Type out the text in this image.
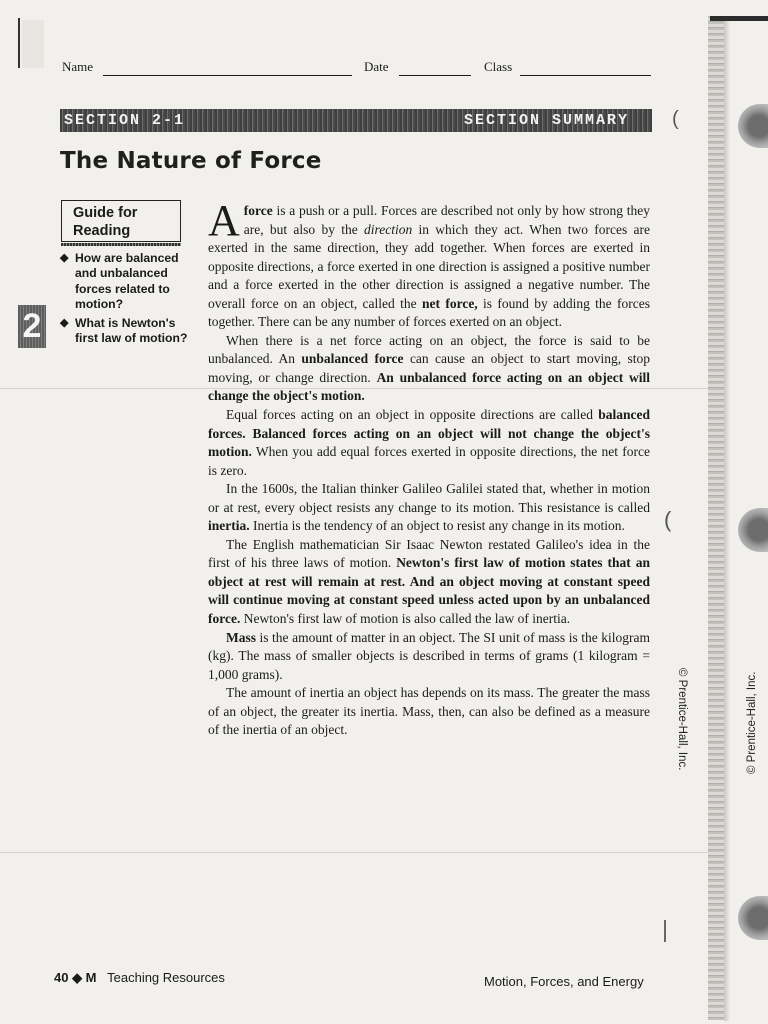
Name	Date	Class
SECTION 2-1	SECTION SUMMARY (
(
The Nature of Force
Guide for
Reading
◆ How are balanced and unbalanced forces related to motion?
◆ What is Newton's first law of motion?
2

A force is a push or a pull. Forces are described not only by how strong they are, but also by the direction in which they act. When two forces are exerted in the same direction, they add together. When forces are exerted in opposite directions, a force exerted in one direction is assigned a positive number and a force exerted in the other direction is assigned a negative number. The overall force on an object, called the net force, is found by adding the forces together. There can be any number of forces exerted on an object.

When there is a net force acting on an object, the force is said to be unbalanced. An unbalanced force can cause an object to start moving, stop moving, or change direction. An unbalanced force acting on an object will change the object's motion.

Equal forces acting on an object in opposite directions are called balanced forces. Balanced forces acting on an object will not change the object's motion. When you add equal forces exerted in opposite directions, the net force is zero.

In the 1600s, the Italian thinker Galileo Galilei stated that, whether in motion or at rest, every object resists any change to its motion. This resistance is called inertia. Inertia is the tendency of an object to resist any change in its motion.

The English mathematician Sir Isaac Newton restated Galileo's idea in the first of his three laws of motion. Newton's first law of motion states that an object at rest will remain at rest. And an object moving at constant speed will continue moving at constant speed unless acted upon by an unbalanced force. Newton's first law of motion is also called the law of inertia.

Mass is the amount of matter in an object. The SI unit of mass is the kilogram (kg). The mass of smaller objects is described in terms of grams (1 kilogram = 1,000 grams).

The amount of inertia an object has depends on its mass. The greater the mass of an object, the greater its inertia. Mass, then, can also be defined as a measure of the inertia of an object.	© Prentice-Hall, Inc.	© Prentice-Hall, Inc.
40 ◆ M Teaching Resources	Motion, Forces, and Energy
